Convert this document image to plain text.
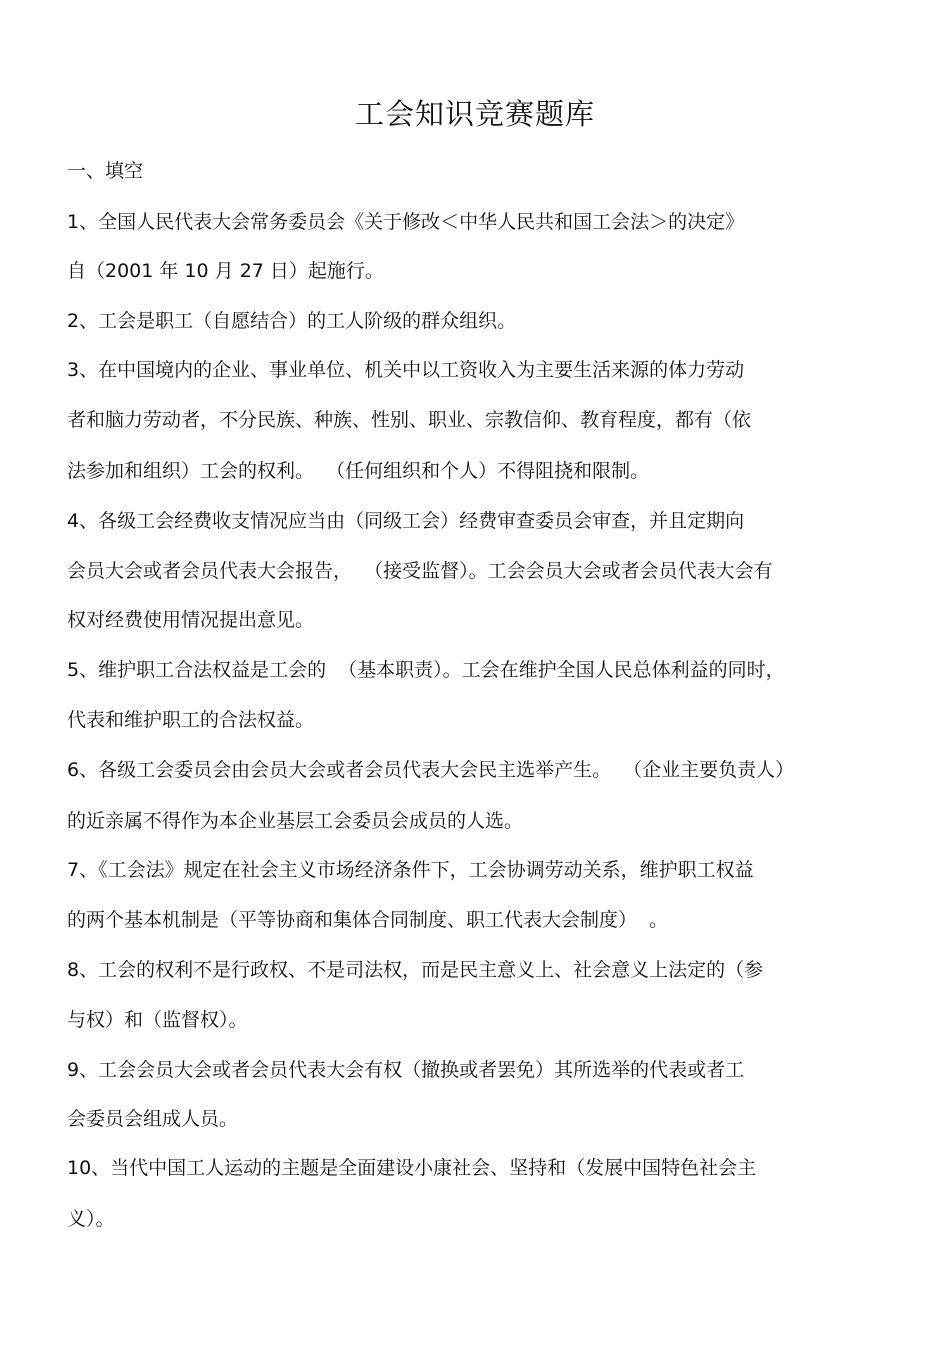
工会知识竞赛题库
一、填空
1、全国人民代表大会常务委员会《关于修改＜中华人民共和国工会法＞的决定》
自（2001 年 10 月 27 日）起施行。
2、工会是职工（自愿结合）的工人阶级的群众组织。
3、在中国境内的企业、事业单位、机关中以工资收入为主要生活来源的体力劳动
者和脑力劳动者，不分民族、种族、性别、职业、宗教信仰、教育程度，都有（依
法参加和组织）工会的权利。  （任何组织和个人）不得阻挠和限制。
4、各级工会经费收支情况应当由（同级工会）经费审查委员会审查，并且定期向
会员大会或者会员代表大会报告，  （接受监督）。工会会员大会或者会员代表大会有
权对经费使用情况提出意见。
5、维护职工合法权益是工会的  （基本职责）。工会在维护全国人民总体利益的同时，
代表和维护职工的合法权益。
6、各级工会委员会由会员大会或者会员代表大会民主选举产生。  （企业主要负责人）
的近亲属不得作为本企业基层工会委员会成员的人选。
7、《工会法》规定在社会主义市场经济条件下，工会协调劳动关系，维护职工权益
的两个基本机制是（平等协商和集体合同制度、职工代表大会制度）  。
8、工会的权利不是行政权、不是司法权，而是民主意义上、社会意义上法定的（参
与权）和（监督权）。
9、工会会员大会或者会员代表大会有权（撤换或者罢免）其所选举的代表或者工
会委员会组成人员。
10、当代中国工人运动的主题是全面建设小康社会、坚持和（发展中国特色社会主
义）。
